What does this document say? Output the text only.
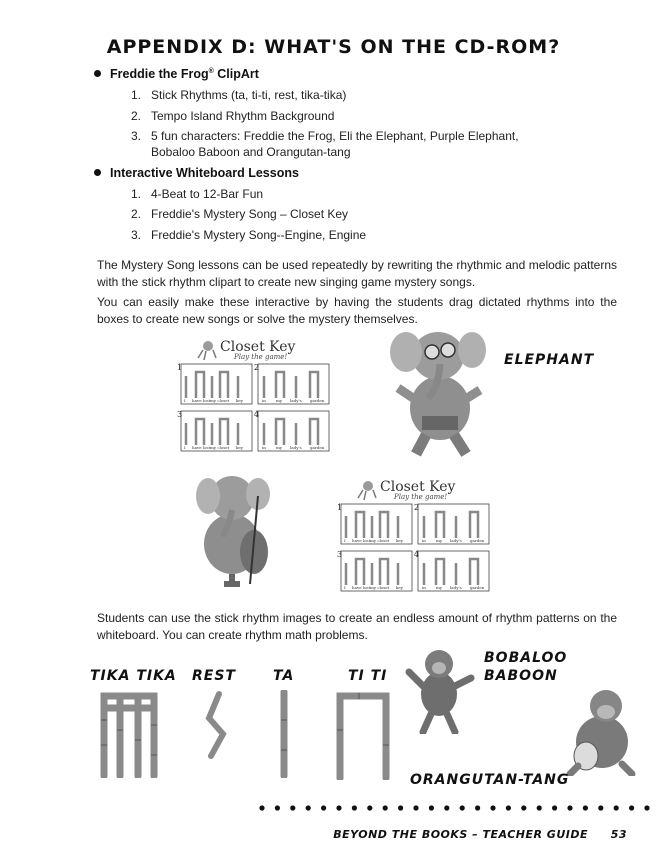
APPENDIX D: WHAT'S ON THE CD-ROM?
Freddie the Frog® ClipArt
1. Stick Rhythms (ta, ti-ti, rest, tika-tika)
2. Tempo Island Rhythm Background
3. 5 fun characters: Freddie the Frog, Eli the Elephant, Purple Elephant,
Bobaloo Baboon and Orangutan-tang
Interactive Whiteboard Lessons
1. 4-Beat to 12-Bar Fun
2. Freddie's Mystery Song – Closet Key
3. Freddie's Mystery Song--Engine, Engine
The Mystery Song lessons can be used repeatedly by rewriting the rhythmic and melodic patterns with the stick rhythm clipart to create new singing game mystery songs.
You can easily make these interactive by having the students drag dictated rhythms into the boxes to create new songs or solve the mystery themselves.
Closet Key
Play the game!
1	2
3	4
I have lost my closet key	in	my lady's garden
I have lost my closet key	in	my lady's garden
ELEPHANT
Closet Key
Play the game!
1	2
3	4
I have lost my closet key	in	my lady's garden
I have lost my closet key	in	my lady's garden
Students can use the stick rhythm images to create an endless amount of rhythm patterns on the whiteboard. You can create rhythm math problems.
TIKA TIKA REST	TA	TI TI
BOBALOO
BABOON
ORANGUTAN-TANG
BEYOND THE BOOKS – TEACHER GUIDE 53
